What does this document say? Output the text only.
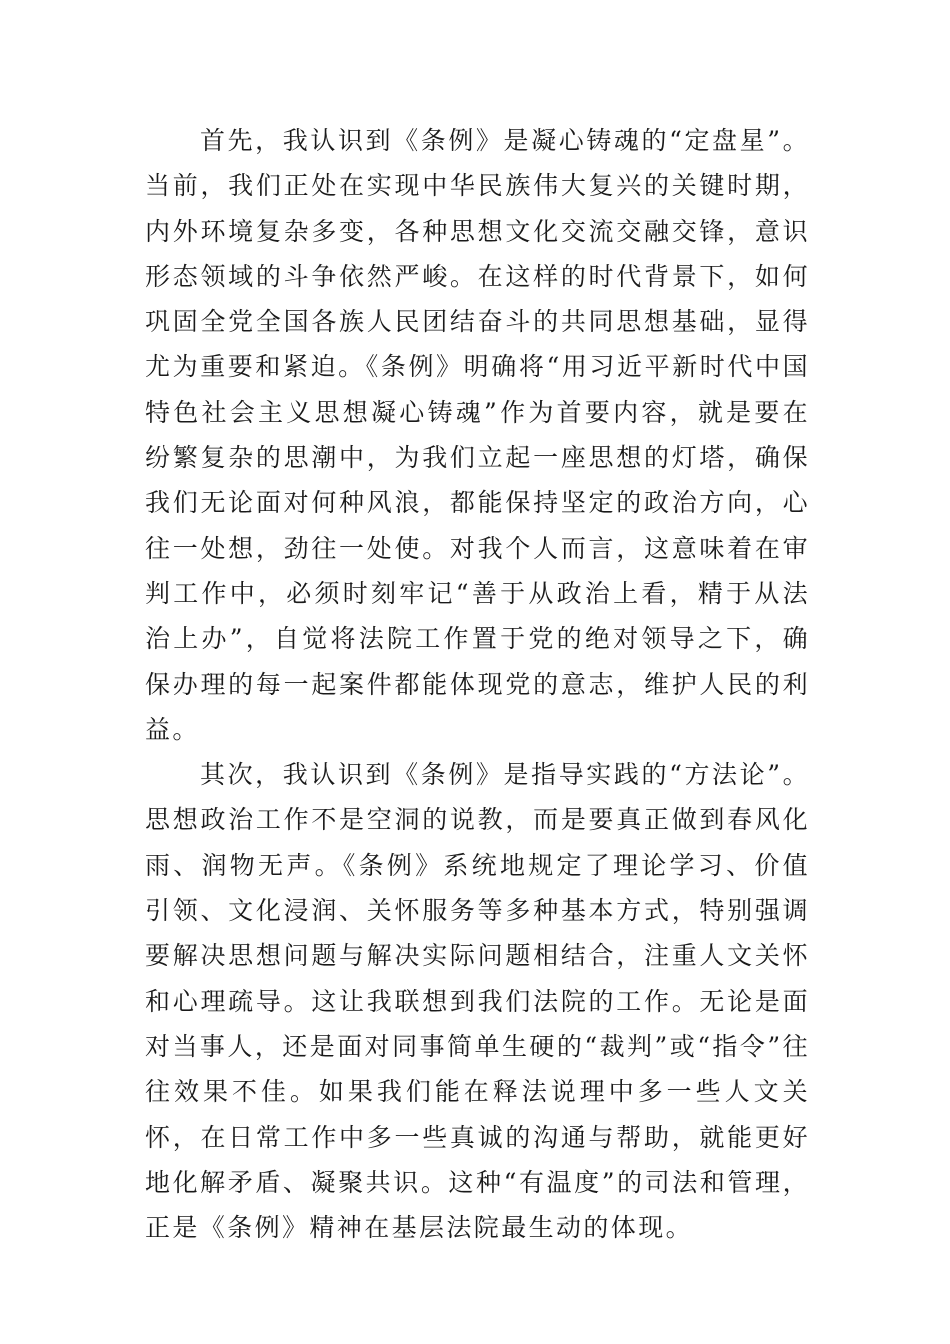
首先，我认识到《条例》是凝心铸魂的“定盘星”。当前，我们正处在实现中华民族伟大复兴的关键时期，内外环境复杂多变，各种思想文化交流交融交锋，意识形态领域的斗争依然严峻。在这样的时代背景下，如何巩固全党全国各族人民团结奋斗的共同思想基础，显得尤为重要和紧迫。《条例》明确将“用习近平新时代中国特色社会主义思想凝心铸魂”作为首要内容，就是要在纷繁复杂的思潮中，为我们立起一座思想的灯塔，确保我们无论面对何种风浪，都能保持坚定的政治方向，心往一处想，劲往一处使。对我个人而言，这意味着在审判工作中，必须时刻牢记“善于从政治上看，精于从法治上办”，自觉将法院工作置于党的绝对领导之下，确保办理的每一起案件都能体现党的意志，维护人民的利益。

其次，我认识到《条例》是指导实践的“方法论”。思想政治工作不是空洞的说教，而是要真正做到春风化雨、润物无声。《条例》系统地规定了理论学习、价值引领、文化浸润、关怀服务等多种基本方式，特别强调要解决思想问题与解决实际问题相结合，注重人文关怀和心理疏导。这让我联想到我们法院的工作。无论是面对当事人，还是面对同事简单生硬的“裁判”或“指令”往往效果不佳。如果我们能在释法说理中多一些人文关怀，在日常工作中多一些真诚的沟通与帮助，就能更好地化解矛盾、凝聚共识。这种“有温度”的司法和管理，正是《条例》精神在基层法院最生动的体现。
